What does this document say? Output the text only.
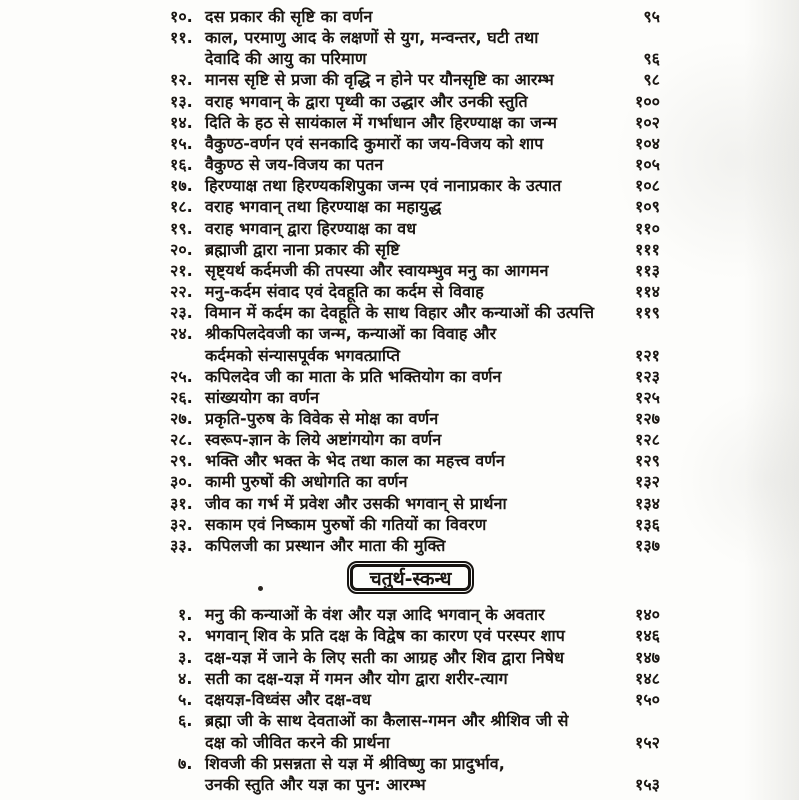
१०. दस प्रकार की सृष्टि का वर्णन	९५
११. काल, परमाणु आद के लक्षणों से युग, मन्वन्तर, घटी तथा
देवादि की आयु का परिमाण	९६
१२. मानस सृष्टि से प्रजा की वृद्धि न होने पर यौनसृष्टि का आरम्भ	९८
१३. वराह भगवान् के द्वारा पृथ्वी का उद्धार और उनकी स्तुति	१००
१४. दिति के हठ से सायंकाल में गर्भाधान और हिरण्याक्ष का जन्म	१०२
१५. वैकुण्ठ-वर्णन एवं सनकादि कुमारों का जय-विजय को शाप	१०४
१६. वैकुण्ठ से जय-विजय का पतन	१०५
१७. हिरण्याक्ष तथा हिरण्यकशिपुका जन्म एवं नानाप्रकार के उत्पात	१०८
१८. वराह भगवान् तथा हिरण्याक्ष का महायुद्ध	१०९
१९. वराह भगवान् द्वारा हिरण्याक्ष का वध	११०
२०. ब्रह्माजी द्वारा नाना प्रकार की सृष्टि	१११
२१. सृष्ट्यर्थ कर्दमजी की तपस्या और स्वायम्भुव मनु का आगमन	११३
२२. मनु-कर्दम संवाद एवं देवहूति का कर्दम से विवाह	११४
२३. विमान में कर्दम का देवहूति के साथ विहार और कन्याओं की उत्पत्ति	११९
२४. श्रीकपिलदेवजी का जन्म, कन्याओं का विवाह और
कर्दमको संन्यासपूर्वक भगवत्प्राप्ति	१२१
२५. कपिलदेव जी का माता के प्रति भक्तियोग का वर्णन	१२३
२६. सांख्ययोग का वर्णन	१२५
२७. प्रकृति-पुरुष के विवेक से मोक्ष का वर्णन	१२७
२८. स्वरूप-ज्ञान के लिये अष्टांगयोग का वर्णन	१२८
२९. भक्ति और भक्त के भेद तथा काल का महत्त्व वर्णन	१२९
३०. कामी पुरुषों की अधोगति का वर्णन	१३२
३१. जीव का गर्भ में प्रवेश और उसकी भगवान् से प्रार्थना	१३४
३२. सकाम एवं निष्काम पुरुषों की गतियों का विवरण	१३६
३३. कपिलजी का प्रस्थान और माता की मुक्ति	१३७
चतुर्थ-स्कन्ध
१. मनु की कन्याओं के वंश और यज्ञ आदि भगवान् के अवतार	१४०
२. भगवान् शिव के प्रति दक्ष के विद्वेष का कारण एवं परस्पर शाप	१४६
३. दक्ष-यज्ञ में जाने के लिए सती का आग्रह और शिव द्वारा निषेध	१४७
४. सती का दक्ष-यज्ञ में गमन और योग द्वारा शरीर-त्याग	१४८
५. दक्षयज्ञ-विध्वंस और दक्ष-वध	१५०
६. ब्रह्मा जी के साथ देवताओं का कैलास-गमन और श्रीशिव जी से
दक्ष को जीवित करने की प्रार्थना	१५२
७. शिवजी की प्रसन्नता से यज्ञ में श्रीविष्णु का प्रादुर्भाव,
उनकी स्तुति और यज्ञ का पुन: आरम्भ	१५३
